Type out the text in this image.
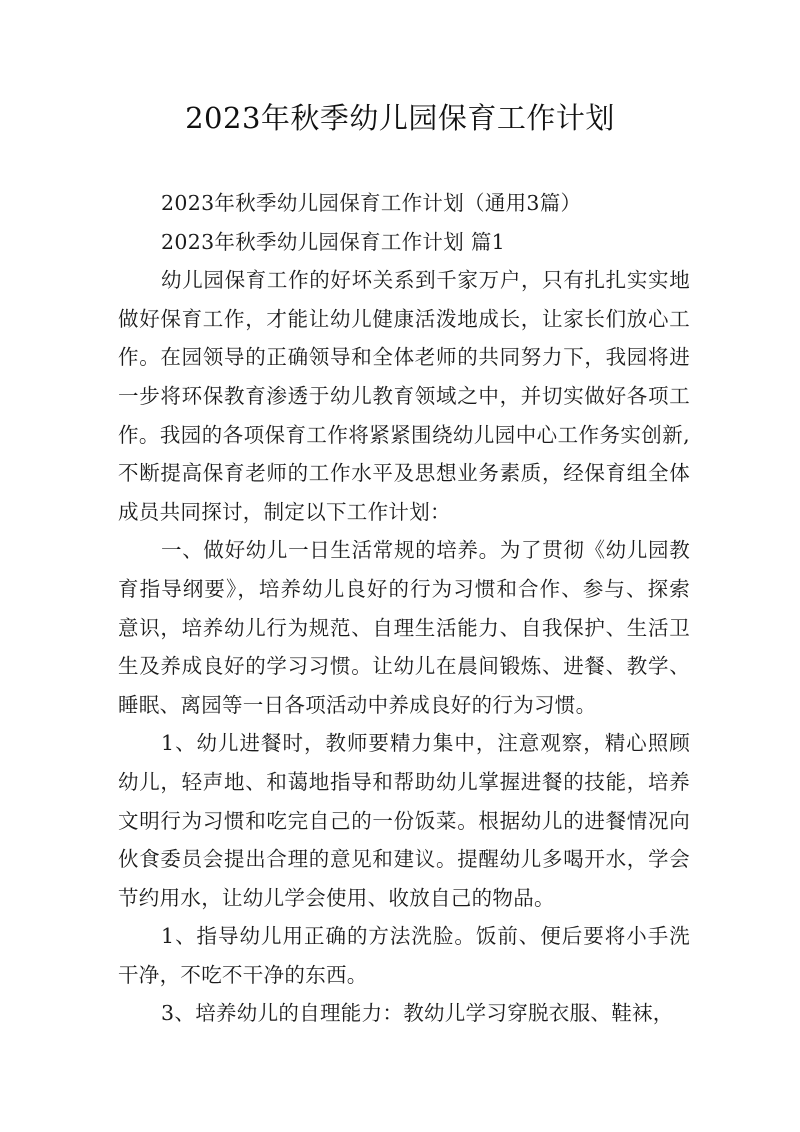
2023年秋季幼儿园保育工作计划

2023年秋季幼儿园保育工作计划（通用3篇）

2023年秋季幼儿园保育工作计划 篇1

幼儿园保育工作的好坏关系到千家万户，只有扎扎实实地做好保育工作，才能让幼儿健康活泼地成长，让家长们放心工作。在园领导的正确领导和全体老师的共同努力下，我园将进一步将环保教育渗透于幼儿教育领域之中，并切实做好各项工作。我园的各项保育工作将紧紧围绕幼儿园中心工作务实创新,不断提高保育老师的工作水平及思想业务素质，经保育组全体成员共同探讨，制定以下工作计划：

一、做好幼儿一日生活常规的培养。为了贯彻《幼儿园教育指导纲要》，培养幼儿良好的行为习惯和合作、参与、探索意识，培养幼儿行为规范、自理生活能力、自我保护、生活卫生及养成良好的学习习惯。让幼儿在晨间锻炼、进餐、教学、睡眠、离园等一日各项活动中养成良好的行为习惯。

1、幼儿进餐时，教师要精力集中，注意观察，精心照顾幼儿，轻声地、和蔼地指导和帮助幼儿掌握进餐的技能，培养文明行为习惯和吃完自己的一份饭菜。根据幼儿的进餐情况向伙食委员会提出合理的意见和建议。提醒幼儿多喝开水，学会节约用水，让幼儿学会使用、收放自己的物品。

1、指导幼儿用正确的方法洗脸。饭前、便后要将小手洗干净，不吃不干净的东西。

3、培养幼儿的自理能力：教幼儿学习穿脱衣服、鞋袜，
